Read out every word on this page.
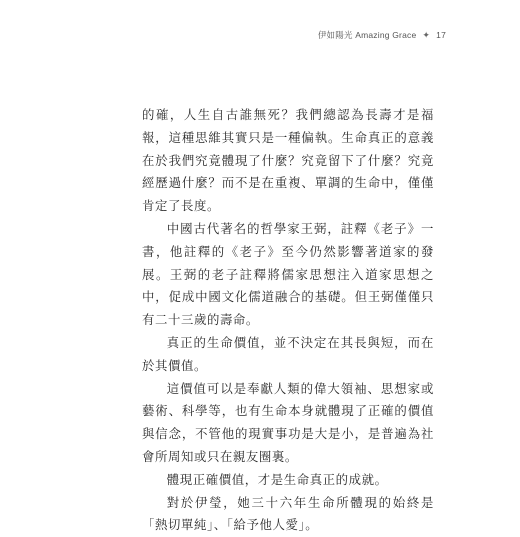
伊如陽光 Amazing Grace ✦ 17

的確，人生自古誰無死？我們總認為長壽才是福報，這種思維其實只是一種偏執。生命真正的意義在於我們究竟體現了什麼？究竟留下了什麼？究竟經歷過什麼？而不是在重複、單調的生命中，僅僅肯定了長度。

中國古代著名的哲學家王弼，註釋《老子》一書，他註釋的《老子》至今仍然影響著道家的發展。王弼的老子註釋將儒家思想注入道家思想之中，促成中國文化儒道融合的基礎。但王弼僅僅只有二十三歲的壽命。

真正的生命價值，並不決定在其長與短，而在於其價值。

這價值可以是奉獻人類的偉大領袖、思想家或藝術、科學等，也有生命本身就體現了正確的價值與信念，不管他的現實事功是大是小，是普遍為社會所周知或只在親友圈裏。

體現正確價值，才是生命真正的成就。

對於伊瑩，她三十六年生命所體現的始終是「熱切單純」、「給予他人愛」。
